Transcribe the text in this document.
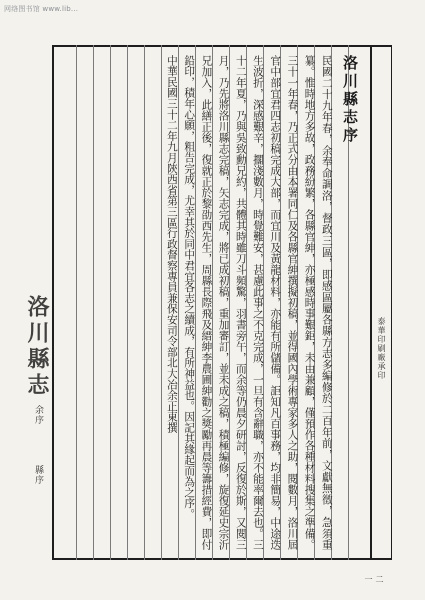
网络图书馆 www.lib...
洛川縣志
余序
縣序
洛川縣志序
民國二十九年春，余奉命調洛，督政三區，即感區屬各縣方志多編修於二百年前，文獻無徵，急須重纂。惟時地方多故，政務紛繁，各縣官紳，亦極感時事艱鉅，未由兼顧，僅預作各種材料搜集之準備。三十一年春，乃正式分由本署同仁及各縣官紳撰擬初稿，並得國內學術專家多人之助，閱數月，洛川屆官中部宜君四志初稿完成大部，而宜川及黃龍材料，亦能有所儲備。詎知凡百事務，均非簡易，中途迭生波折，深感艱辛，擱淺數月，時覺難安，甚慮此事之不克完成，一旦有含辭職，亦不能率爾去也。三十二年夏，乃與吳致勳兄約，共體其時雖刀斗頻驚，羽書旁午，而余等仍晨夕研討，反復於斯，又閱三月，乃先將洛川縣志完稿，矢志完成，將已成初稿，重加審訂，並未成之稿，積極編修，旋復延史宗沂兄加入，此繕正後，復就正於黎劭西先生，周縣長際飛及縉紳李農圃紳勸之獎勵再晨等籌措經費，即付鉛印，積年心願，粗告完成，尤幸其於同中君宜各志之續成，有所神益也。因記其緣起而為之序。
中華民國三十二年九月陝西省第三區行政督察專員兼保安司令部北大冶余正東撰	泰華印刷廠承印
二一
